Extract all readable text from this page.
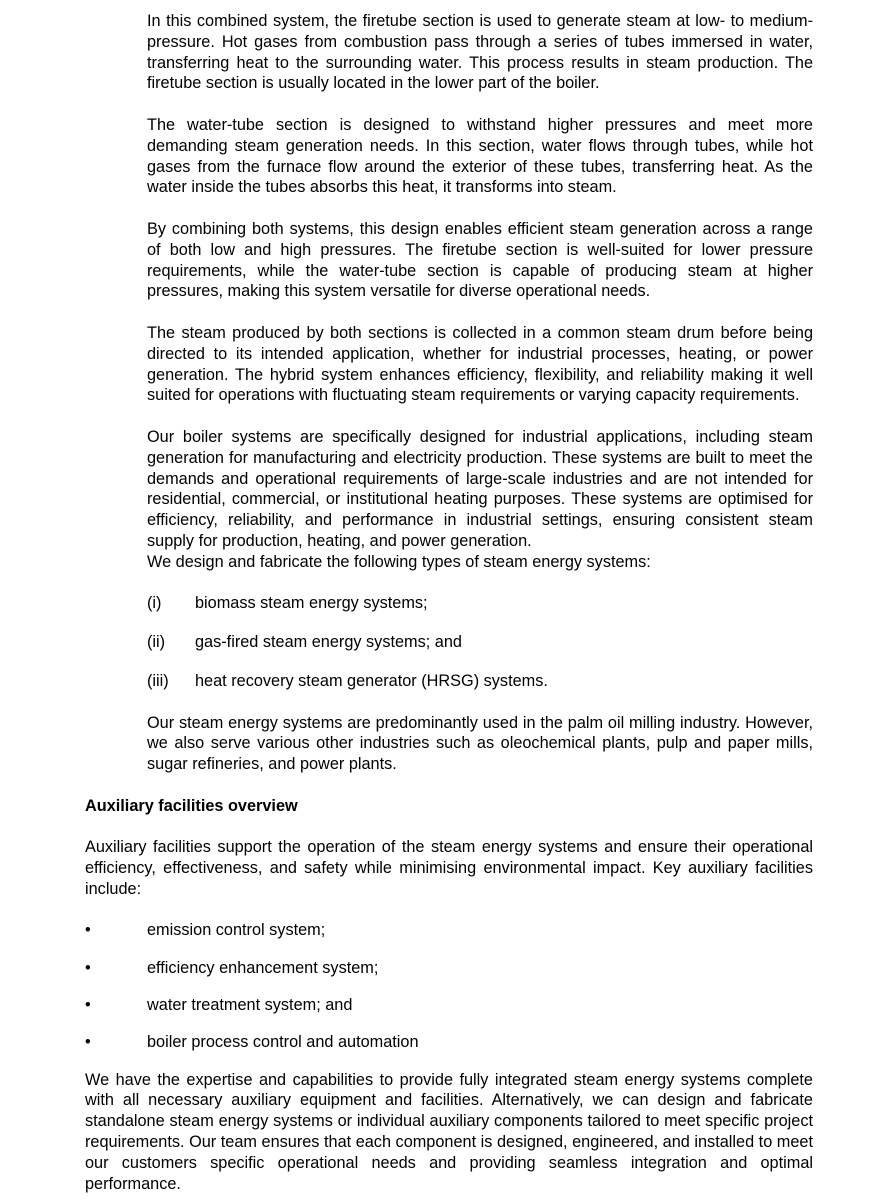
In this combined system, the firetube section is used to generate steam at low- to medium-pressure. Hot gases from combustion pass through a series of tubes immersed in water, transferring heat to the surrounding water. This process results in steam production. The firetube section is usually located in the lower part of the boiler.

The water-tube section is designed to withstand higher pressures and meet more demanding steam generation needs. In this section, water flows through tubes, while hot gases from the furnace flow around the exterior of these tubes, transferring heat. As the water inside the tubes absorbs this heat, it transforms into steam.

By combining both systems, this design enables efficient steam generation across a range of both low and high pressures. The firetube section is well-suited for lower pressure requirements, while the water-tube section is capable of producing steam at higher pressures, making this system versatile for diverse operational needs.

The steam produced by both sections is collected in a common steam drum before being directed to its intended application, whether for industrial processes, heating, or power generation. The hybrid system enhances efficiency, flexibility, and reliability making it well suited for operations with fluctuating steam requirements or varying capacity requirements.

Our boiler systems are specifically designed for industrial applications, including steam generation for manufacturing and electricity production. These systems are built to meet the demands and operational requirements of large-scale industries and are not intended for residential, commercial, or institutional heating purposes. These systems are optimised for efficiency, reliability, and performance in industrial settings, ensuring consistent steam supply for production, heating, and power generation.

We design and fabricate the following types of steam energy systems:

(i)	biomass steam energy systems;
(ii)	gas-fired steam energy systems; and
(iii)	heat recovery steam generator (HRSG) systems.

Our steam energy systems are predominantly used in the palm oil milling industry. However, we also serve various other industries such as oleochemical plants, pulp and paper mills, sugar refineries, and power plants.

Auxiliary facilities overview

Auxiliary facilities support the operation of the steam energy systems and ensure their operational efficiency, effectiveness, and safety while minimising environmental impact. Key auxiliary facilities include:

•	emission control system;
•	efficiency enhancement system;
•	water treatment system; and
•	boiler process control and automation

We have the expertise and capabilities to provide fully integrated steam energy systems complete with all necessary auxiliary equipment and facilities. Alternatively, we can design and fabricate standalone steam energy systems or individual auxiliary components tailored to meet specific project requirements. Our team ensures that each component is designed, engineered, and installed to meet our customers specific operational needs and providing seamless integration and optimal performance.
